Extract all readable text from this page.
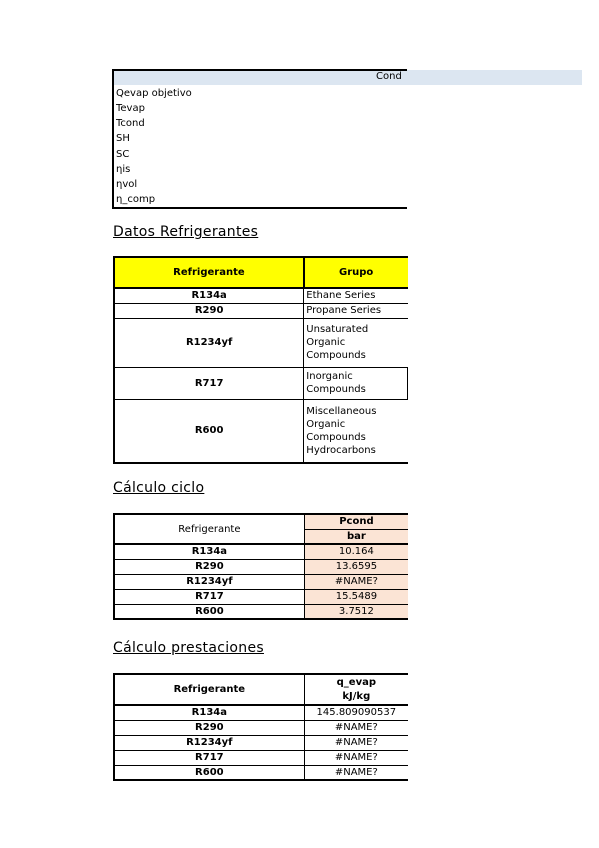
Qevap objetivo
Tevap
Tcond
SH
SC
ηis
ηvol
η_comp
Cond
Datos Refrigerantes
Refrigerante	Grupo
R134a	Ethane Series
R290	Propane Series
R1234yf	Unsaturated
Organic
Compounds
R717	Inorganic
Compounds
R600	Miscellaneous
Organic
Compounds
Hydrocarbons
Cálculo ciclo
Refrigerante	Pcond
	bar
R134a	10.164
R290	13.6595
R1234yf	#NAME?
R717	15.5489
R600	3.7512
Cálculo prestaciones
Refrigerante	q_evap
kJ/kg
R134a	145.809090537
R290	#NAME?
R1234yf	#NAME?
R717	#NAME?
R600	#NAME?
